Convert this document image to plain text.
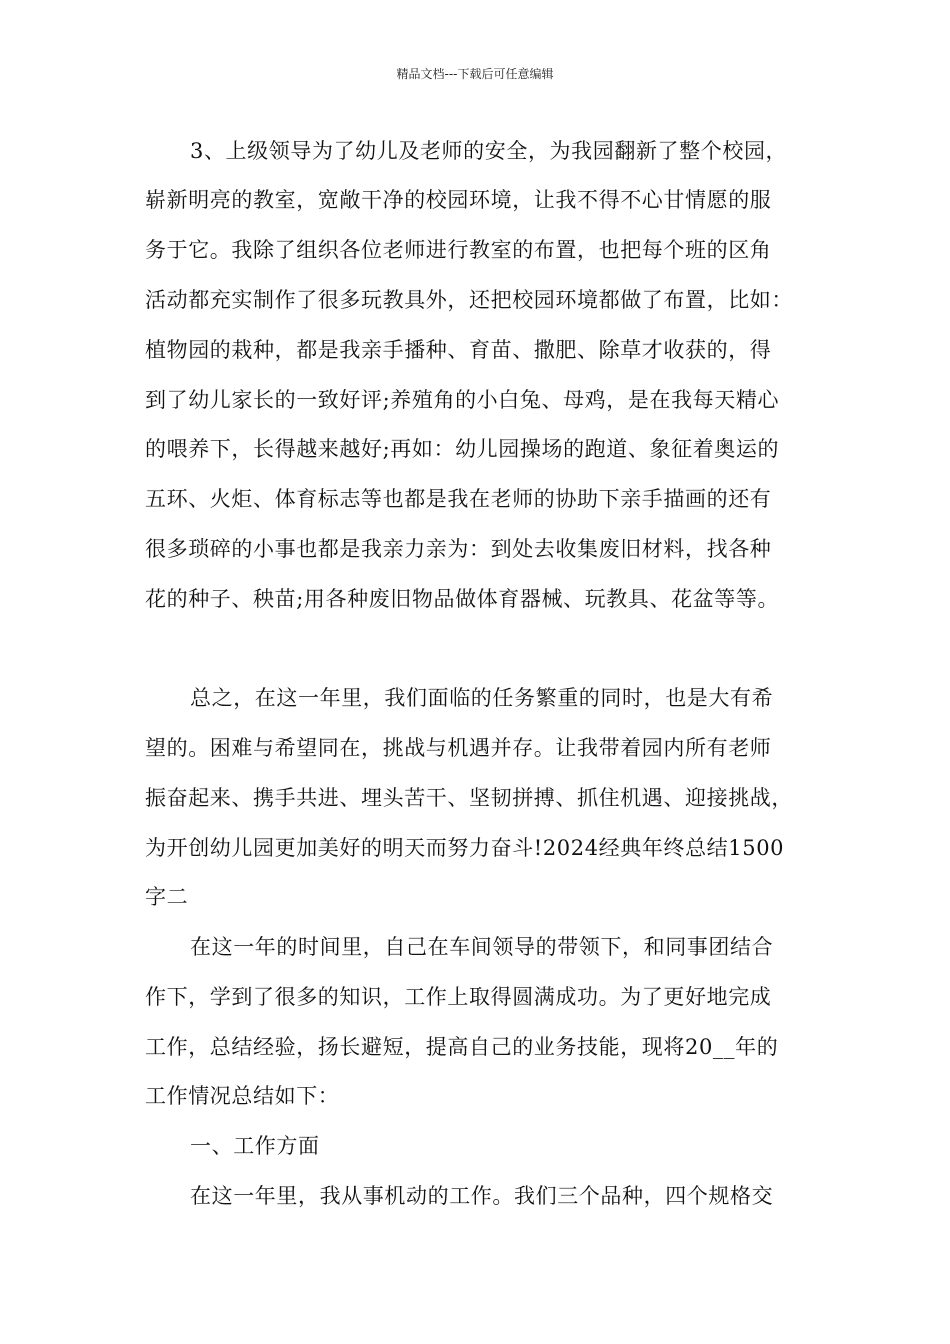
精品文档---下载后可任意编辑
3、上级领导为了幼儿及老师的安全，为我园翻新了整个校园，
崭新明亮的教室，宽敞干净的校园环境，让我不得不心甘情愿的服
务于它。我除了组织各位老师进行教室的布置，也把每个班的区角
活动都充实制作了很多玩教具外，还把校园环境都做了布置，比如：
植物园的栽种，都是我亲手播种、育苗、撒肥、除草才收获的，得
到了幼儿家长的一致好评;养殖角的小白兔、母鸡，是在我每天精心
的喂养下，长得越来越好;再如：幼儿园操场的跑道、象征着奥运的
五环、火炬、体育标志等也都是我在老师的协助下亲手描画的还有
很多琐碎的小事也都是我亲力亲为：到处去收集废旧材料，找各种
花的种子、秧苗;用各种废旧物品做体育器械、玩教具、花盆等等。
总之，在这一年里，我们面临的任务繁重的同时，也是大有希
望的。困难与希望同在，挑战与机遇并存。让我带着园内所有老师
振奋起来、携手共进、埋头苦干、坚韧拼搏、抓住机遇、迎接挑战，
为开创幼儿园更加美好的明天而努力奋斗!2024经典年终总结1500
字二
在这一年的时间里，自己在车间领导的带领下，和同事团结合
作下，学到了很多的知识，工作上取得圆满成功。为了更好地完成
工作，总结经验，扬长避短，提高自己的业务技能，现将20__年的
工作情况总结如下：
一、工作方面
在这一年里，我从事机动的工作。我们三个品种，四个规格交
